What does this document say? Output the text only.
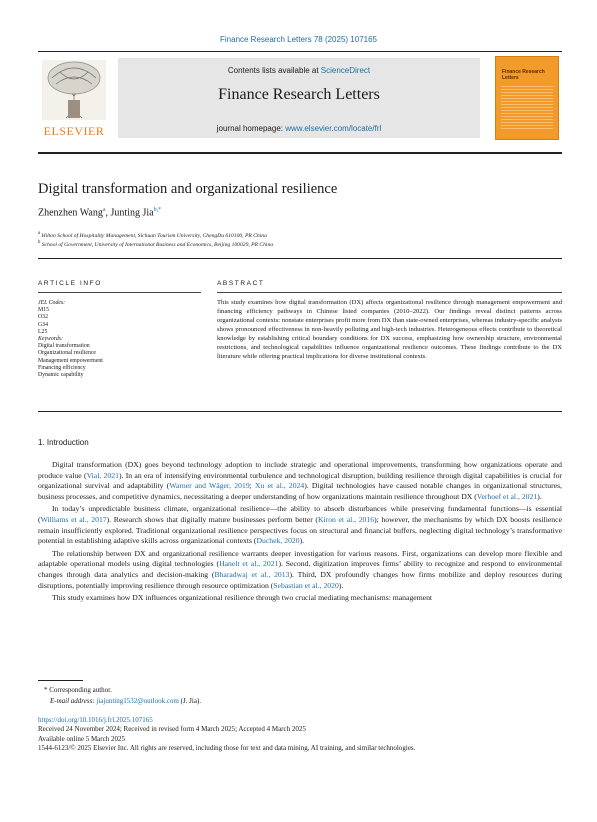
Finance Research Letters 78 (2025) 107165
ELSEVIER
Contents lists available at ScienceDirect
Finance Research Letters
journal homepage: www.elsevier.com/locate/frl
Finance Research
Letters
Digital transformation and organizational resilience
Zhenzhen Wang$^a$, Junting Jia$^{b,*}$
$^a$ Hilton School of Hospitality Management, Sichuan Tourism University, ChengDu 610100, PR China
$^b$ School of Government, University of International Business and Economics, Beijing 100029, PR China
ARTICLE INFO	ABSTRACT
JEL Codes:
M15
O32
G34
L25
Keywords:
Digital transformation
Organizational resilience
Management empowerment
Financing efficiency
Dynamic capability
This study examines how digital transformation (DX) affects organizational resilience through management empowerment and financing efficiency pathways in Chinese listed companies (2010–2022). Our findings reveal distinct patterns across organizational contexts: nonstate enterprises profit more from DX than state-owned enterprises, whereas industry-specific analysis shows pronounced effectiveness in non-heavily polluting and high-tech industries. Heterogeneous effects contribute to theoretical knowledge by establishing critical boundary conditions for DX success, emphasizing how ownership structure, environmental restrictions, and technological capabilities influence organizational resilience outcomes. These findings contribute to the DX literature while offering practical implications for diverse institutional contexts.
1. Introduction

Digital transformation (DX) goes beyond technology adoption to include strategic and operational improvements, transforming how organizations operate and produce value (Vial, 2021). In an era of intensifying environmental turbulence and technological disruption, building resilience through digital capabilities is crucial for organizational survival and adaptability (Warner and Wäger, 2019; Xu et al., 2024). Digital technologies have caused notable changes in organizational structures, business processes, and competitive dynamics, necessitating a deeper understanding of how organizations maintain resilience throughout DX (Verhoef et al., 2021).

In today’s unpredictable business climate, organizational resilience—the ability to absorb disturbances while preserving fundamental functions—is essential (Williams et al., 2017). Research shows that digitally mature businesses perform better (Kiron et al., 2016); however, the mechanisms by which DX boosts resilience remain insufficiently explored. Traditional organizational resilience perspectives focus on structural and financial buffers, neglecting digital technology’s transformative potential in establishing adaptive skills across organizational contexts (Duchek, 2020).

The relationship between DX and organizational resilience warrants deeper investigation for various reasons. First, organizations can develop more flexible and adaptable operational models using digital technologies (Hanelt et al., 2021). Second, digitization improves firms’ ability to recognize and respond to environmental changes through data analytics and decision-making (Bharadwaj et al., 2013). Third, DX profoundly changes how firms mobilize and deploy resources during disruptions, potentially improving resilience through resource optimization (Sebastian et al., 2020).

This study examines how DX influences organizational resilience through two crucial mediating mechanisms: management

* Corresponding author.
E-mail address: jiajunting1532@outlook.com (J. Jia).
https://doi.org/10.1016/j.frl.2025.107165
Received 24 November 2024; Received in revised form 4 March 2025; Accepted 4 March 2025
Available online 5 March 2025
1544-6123/© 2025 Elsevier Inc. All rights are reserved, including those for text and data mining, AI training, and similar technologies.
